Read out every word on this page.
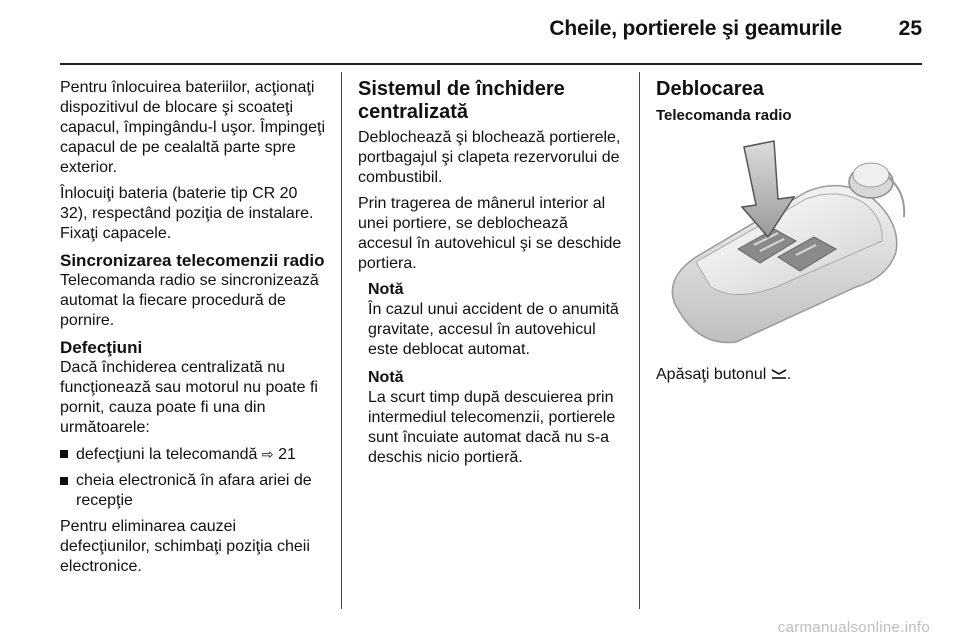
Cheile, portierele şi geamurile	25

Pentru înlocuirea bateriilor, acţionaţi dispozitivul de blocare şi scoateţi capacul, împingându-l uşor. Împingeţi capacul de pe cealaltă parte spre exterior.

Înlocuiţi bateria (baterie tip CR 20 32), respectând poziţia de instalare. Fixaţi capacele.

Sincronizarea telecomenzii radio

Telecomanda radio se sincronizează automat la fiecare procedură de pornire.

Defecţiuni

Dacă închiderea centralizată nu funcţionează sau motorul nu poate fi pornit, cauza poate fi una din următoarele:

defecţiuni la telecomandă ⇨ 21
cheia electronică în afara ariei de recepţie

Pentru eliminarea cauzei defecţiunilor, schimbaţi poziţia cheii electronice.

Sistemul de închidere centralizată

Deblochează şi blochează portierele, portbagajul şi clapeta rezervorului de combustibil.

Prin tragerea de mânerul interior al unei portiere, se deblochează accesul în autovehicul şi se deschide portiera.

Notă
În cazul unui accident de o anumită gravitate, accesul în autovehicul este deblocat automat.
Notă
La scurt timp după descuierea prin intermediul telecomenzii, portierele sunt încuiate automat dacă nu s-a deschis nicio portieră.
Deblocarea
Telecomanda radio

Apăsaţi butonul .

carmanualsonline.info
